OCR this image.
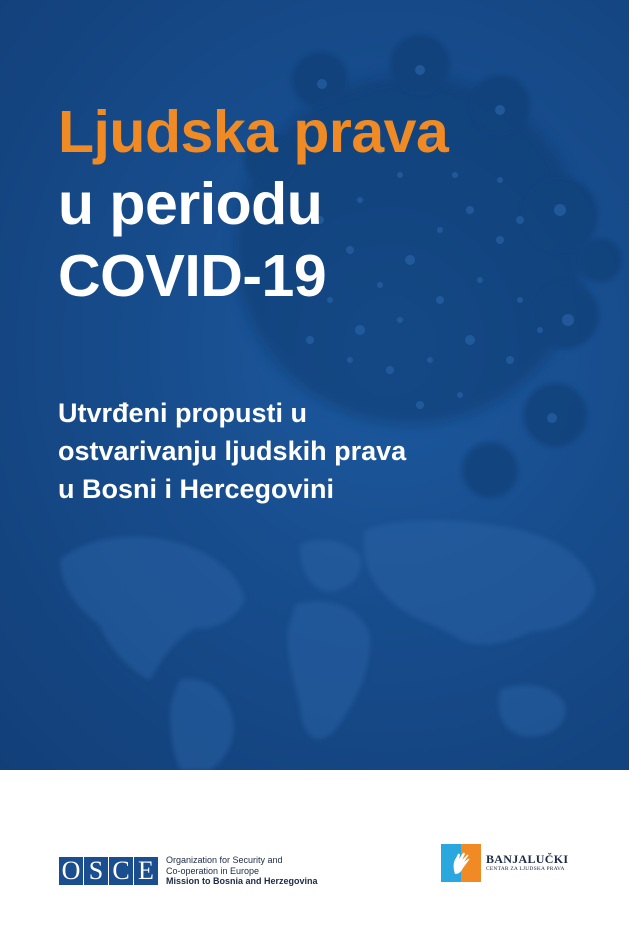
Ljudska prava

u periodu

COVID-19

Utvrđeni propusti u

ostvarivanju ljudskih prava

u Bosni i Hercegovini

O S C E	Organization for Security and
Co-operation in Europe
Mission to Bosnia and Herzegovina
BANJALUČKI
CENTAR ZA LJUDSKA PRAVA
